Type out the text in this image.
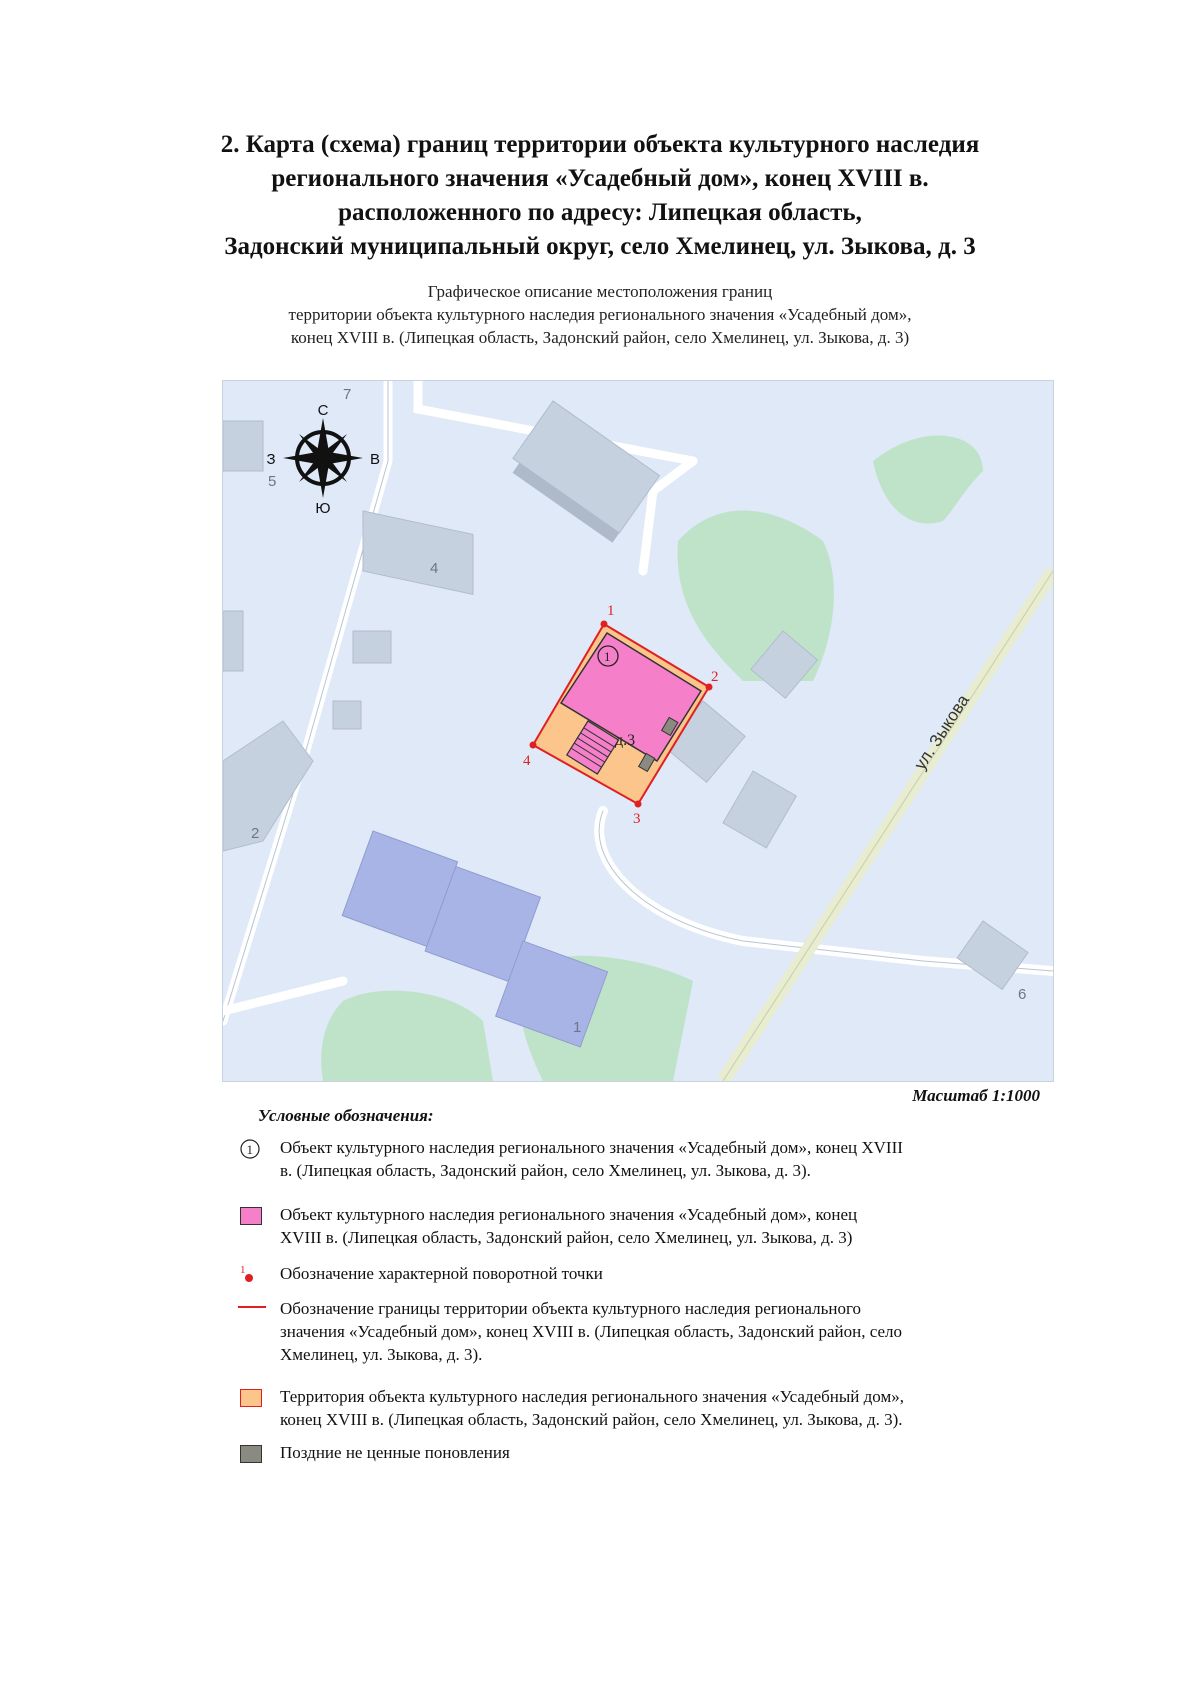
2. Карта (схема) границ территории объекта культурного наследия
регионального значения «Усадебный дом», конец XVIII в.
расположенного по адресу: Липецкая область,
Задонский муниципальный округ, село Хмелинец, ул. Зыкова, д. 3
Графическое описание местоположения границ
территории объекта культурного наследия регионального значения «Усадебный дом»,
конец XVIII в. (Липецкая область, Задонский район, село Хмелинец, ул. Зыкова, д. 3)
ул. Зыкова
7
5
4
2
1
6
д.3
1
1
2
3
4
С
Ю
З	В
Масштаб 1:1000
Условные обозначения:
1 Объект культурного наследия регионального значения «Усадебный дом», конец XVIII
в. (Липецкая область, Задонский район, село Хмелинец, ул. Зыкова, д. 3).
Объект культурного наследия регионального значения «Усадебный дом», конец
XVIII в. (Липецкая область, Задонский район, село Хмелинец, ул. Зыкова, д. 3)
1 Обозначение характерной поворотной точки
Обозначение границы территории объекта культурного наследия регионального
значения «Усадебный дом», конец XVIII в. (Липецкая область, Задонский район, село
Хмелинец, ул. Зыкова, д. 3).
Территория объекта культурного наследия регионального значения «Усадебный дом»,
конец XVIII в. (Липецкая область, Задонский район, село Хмелинец, ул. Зыкова, д. 3).
Поздние не ценные поновления
